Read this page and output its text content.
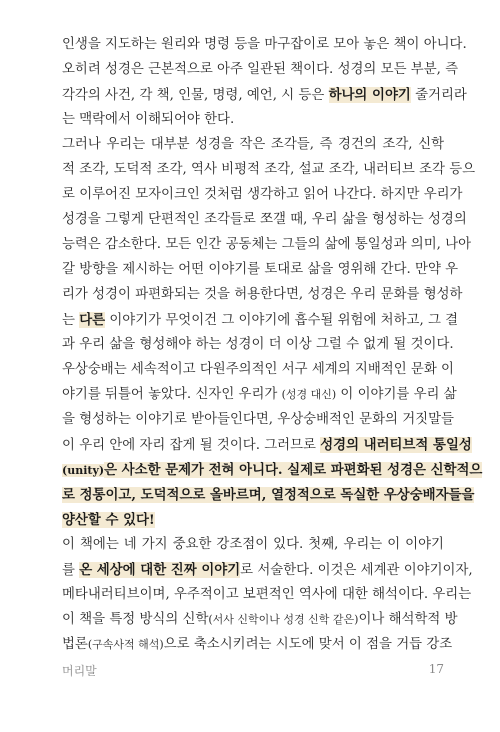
인생을 지도하는 원리와 명령 등을 마구잡이로 모아 놓은 책이 아니다.
오히려 성경은 근본적으로 아주 일관된 책이다. 성경의 모든 부분, 즉
각각의 사건, 각 책, 인물, 명령, 예언, 시 등은 하나의 이야기 줄거리라
는 맥락에서 이해되어야 한다.
그러나 우리는 대부분 성경을 작은 조각들, 즉 경건의 조각, 신학
적 조각, 도덕적 조각, 역사 비평적 조각, 설교 조각, 내러티브 조각 등으
로 이루어진 모자이크인 것처럼 생각하고 읽어 나간다. 하지만 우리가
성경을 그렇게 단편적인 조각들로 쪼갤 때, 우리 삶을 형성하는 성경의
능력은 감소한다. 모든 인간 공동체는 그들의 삶에 통일성과 의미, 나아
갈 방향을 제시하는 어떤 이야기를 토대로 삶을 영위해 간다. 만약 우
리가 성경이 파편화되는 것을 허용한다면, 성경은 우리 문화를 형성하
는 다른 이야기가 무엇이건 그 이야기에 흡수될 위험에 처하고, 그 결
과 우리 삶을 형성해야 하는 성경이 더 이상 그럴 수 없게 될 것이다.
우상숭배는 세속적이고 다원주의적인 서구 세계의 지배적인 문화 이
야기를 뒤틀어 놓았다. 신자인 우리가 (성경 대신) 이 이야기를 우리 삶
을 형성하는 이야기로 받아들인다면, 우상숭배적인 문화의 거짓말들
이 우리 안에 자리 잡게 될 것이다. 그러므로 성경의 내러티브적 통일성
(unity)은 사소한 문제가 전혀 아니다. 실제로 파편화된 성경은 신학적으
로 정통이고, 도덕적으로 올바르며, 열정적으로 독실한 우상숭배자들을
양산할 수 있다!
이 책에는 네 가지 중요한 강조점이 있다. 첫째, 우리는 이 이야기
를 온 세상에 대한 진짜 이야기로 서술한다. 이것은 세계관 이야기이자,
메타내러티브이며, 우주적이고 보편적인 역사에 대한 해석이다. 우리는
이 책을 특정 방식의 신학(서사 신학이나 성경 신학 같은)이나 해석학적 방
법론(구속사적 해석)으로 축소시키려는 시도에 맞서 이 점을 거듭 강조
머리말	17
